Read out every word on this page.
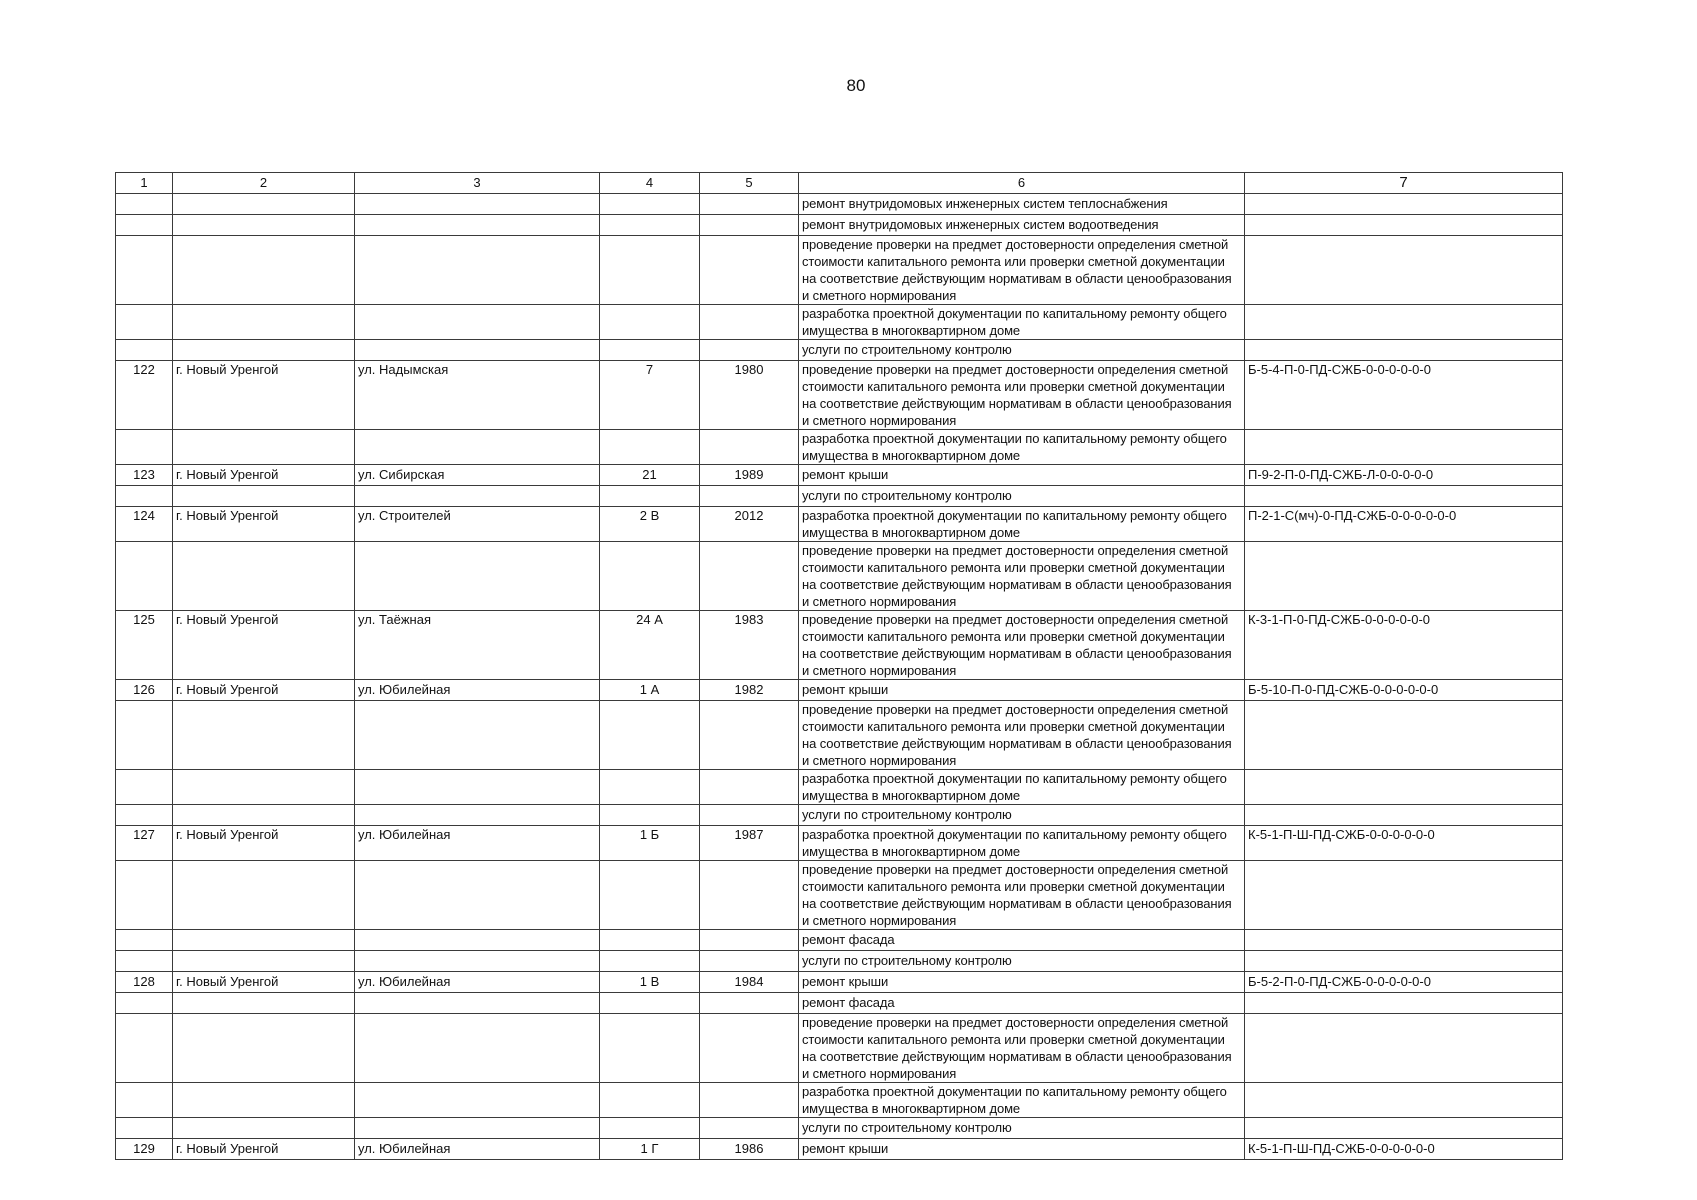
80
1	2	3	4	5	6	7
					ремонт внутридомовых инженерных систем теплоснабжения	
					ремонт внутридомовых инженерных систем водоотведения	
					проведение проверки на предмет достоверности определения сметной стоимости капитального ремонта или проверки сметной документации на соответствие действующим нормативам в области ценообразования и сметного нормирования	
					разработка проектной документации по капитальному ремонту общего имущества в многоквартирном доме	
					услуги по строительному контролю	
122	г. Новый Уренгой	ул. Надымская	7	1980	проведение проверки на предмет достоверности определения сметной стоимости капитального ремонта или проверки сметной документации на соответствие действующим нормативам в области ценообразования и сметного нормирования	Б-5-4-П-0-ПД-СЖБ-0-0-0-0-0-0
					разработка проектной документации по капитальному ремонту общего имущества в многоквартирном доме	
123	г. Новый Уренгой	ул. Сибирская	21	1989	ремонт крыши	П-9-2-П-0-ПД-СЖБ-Л-0-0-0-0-0
					услуги по строительному контролю	
124	г. Новый Уренгой	ул. Строителей	2 В	2012	разработка проектной документации по капитальному ремонту общего имущества в многоквартирном доме	П-2-1-С(мч)-0-ПД-СЖБ-0-0-0-0-0-0
					проведение проверки на предмет достоверности определения сметной стоимости капитального ремонта или проверки сметной документации на соответствие действующим нормативам в области ценообразования и сметного нормирования	
125	г. Новый Уренгой	ул. Таёжная	24 А	1983	проведение проверки на предмет достоверности определения сметной стоимости капитального ремонта или проверки сметной документации на соответствие действующим нормативам в области ценообразования и сметного нормирования	К-3-1-П-0-ПД-СЖБ-0-0-0-0-0-0
126	г. Новый Уренгой	ул. Юбилейная	1 А	1982	ремонт крыши	Б-5-10-П-0-ПД-СЖБ-0-0-0-0-0-0
					проведение проверки на предмет достоверности определения сметной стоимости капитального ремонта или проверки сметной документации на соответствие действующим нормативам в области ценообразования и сметного нормирования	
					разработка проектной документации по капитальному ремонту общего имущества в многоквартирном доме	
					услуги по строительному контролю	
127	г. Новый Уренгой	ул. Юбилейная	1 Б	1987	разработка проектной документации по капитальному ремонту общего имущества в многоквартирном доме	К-5-1-П-Ш-ПД-СЖБ-0-0-0-0-0-0
					проведение проверки на предмет достоверности определения сметной стоимости капитального ремонта или проверки сметной документации на соответствие действующим нормативам в области ценообразования и сметного нормирования	
					ремонт фасада	
					услуги по строительному контролю	
128	г. Новый Уренгой	ул. Юбилейная	1 В	1984	ремонт крыши	Б-5-2-П-0-ПД-СЖБ-0-0-0-0-0-0
					ремонт фасада	
					проведение проверки на предмет достоверности определения сметной стоимости капитального ремонта или проверки сметной документации на соответствие действующим нормативам в области ценообразования и сметного нормирования	
					разработка проектной документации по капитальному ремонту общего имущества в многоквартирном доме	
					услуги по строительному контролю	
129	г. Новый Уренгой	ул. Юбилейная	1 Г	1986	ремонт крыши	К-5-1-П-Ш-ПД-СЖБ-0-0-0-0-0-0
